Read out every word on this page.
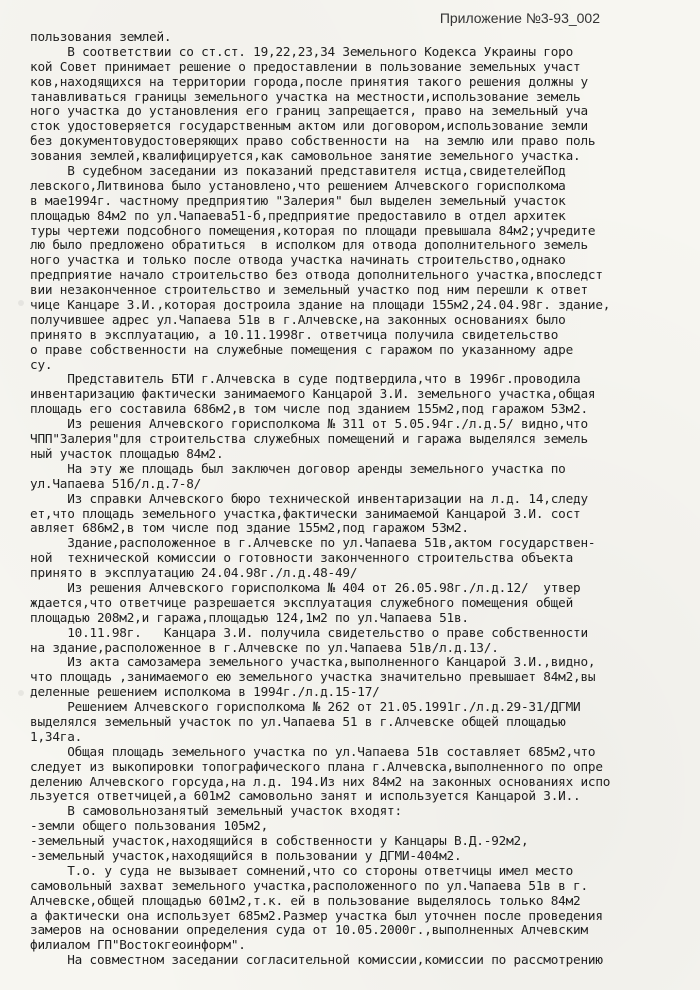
Приложение №3-93_002
пользования землей.
В соответствии со ст.ст. 19,22,23,34 Земельного Кодекса Украины горо
кой Совет принимает решение о предоставлении в пользование земельных участ
ков,находящихся на территории города,после принятия такого решения должны у
танавливаться границы земельного участка на местности,использование земель
ного участка до установления его границ запрещается, право на земельный уча
сток удостоверяется государственным актом или договором,использование земли
без документовудостоверяющих право собственности на  на землю или право поль
зования землей,квалифицируется,как самовольное занятие земельного участка.
В судебном заседании из показаний представителя истца,свидетелейПод
левского,Литвинова было установлено,что решением Алчевского горисполкома
в мае1994г. частному предприятию "Залерия" был выделен земельный участок
площадью 84м2 по ул.Чапаева51-б,предприятие предоставило в отдел архитек
туры чертежи подсобного помещения,которая по площади превышала 84м2;учредите
лю было предложено обратиться  в исполком для отвода дополнительного земель
ного участка и только после отвода участка начинать строительство,однако
предприятие начало строительство без отвода дополнительного участка,впоследст
вии незаконченное строительство и земельный участко под ним перешли к ответ
чице Канцаре З.И.,которая достроила здание на площади 155м2,24.04.98г. здание,
получившее адрес ул.Чапаева 51в в г.Алчевске,на законных основаниях было
принято в эксплуатацию, а 10.11.1998г. ответчица получила свидетельство
о праве собственности на служебные помещения с гаражом по указанному адре
су.
Представитель БТИ г.Алчевска в суде подтвердила,что в 1996г.проводила
инвентаризацию фактически занимаемого Канцарой З.И. земельного участка,общая
площадь его составила 686м2,в том числе под зданием 155м2,под гаражом 53м2.
Из решения Алчевского горисполкома № 311 от 5.05.94г./л.д.5/ видно,что
ЧПП"Залерия"для строительства служебных помещений и гаража выделялся земель
ный участок площадью 84м2.
На эту же площадь был заключен договор аренды земельного участка по
ул.Чапаева 51б/л.д.7-8/
Из справки Алчевского бюро технической инвентаризации на л.д. 14,следу
ет,что площадь земельного участка,фактически занимаемой Канцарой З.И. сост
авляет 686м2,в том числе под здание 155м2,под гаражом 53м2.
Здание,расположенное в г.Алчевске по ул.Чапаева 51в,актом государствен-
ной  технической комиссии о готовности законченного строительства объекта
принято в эксплуатацию 24.04.98г./л.д.48-49/
Из решения Алчевского горисполкома № 404 от 26.05.98г./л.д.12/  утвер
ждается,что ответчице разрешается эксплуатация служебного помещения общей
площадью 208м2,и гаража,площадью 124,1м2 по ул.Чапаева 51в.
10.11.98г.   Канцара З.И. получила свидетельство о праве собственности
на здание,расположенное в г.Алчевске по ул.Чапаева 51в/л.д.13/.
Из акта самозамера земельного участка,выполненного Канцарой З.И.,видно,
что площадь ,занимаемого ею земельного участка значительно превышает 84м2,вы
деленные решением исполкома в 1994г./л.д.15-17/
Решением Алчевского горисполкома № 262 от 21.05.1991г./л.д.29-31/ДГМИ
выделялся земельный участок по ул.Чапаева 51 в г.Алчевске общей площадью
1,34га.
Общая площадь земельного участка по ул.Чапаева 51в составляет 685м2,что
следует из выкопировки топографического плана г.Алчевска,выполненного по опре
делению Алчевского горсуда,на л.д. 194.Из них 84м2 на законных основаниях испо
льзуется ответчицей,а 601м2 самовольно занят и используется Канцарой З.И..
В самовольнозанятый земельный участок входят:
-земли общего пользования 105м2,
-земельный участок,находящийся в собственности у Канцары В.Д.-92м2,
-земельный участок,находящийся в пользовании у ДГМИ-404м2.
Т.о. у суда не вызывает сомнений,что со стороны ответчицы имел место
самовольный захват земельного участка,расположенного по ул.Чапаева 51в в г.
Алчевске,общей площадью 601м2,т.к. ей в пользование выделялось только 84м2
а фактически она использует 685м2.Размер участка был уточнен после проведения
замеров на основании определения суда от 10.05.2000г.,выполненных Алчевским
филиалом ГП"Востокгеоинформ".
На совместном заседании согласительной комиссии,комиссии по рассмотрению
